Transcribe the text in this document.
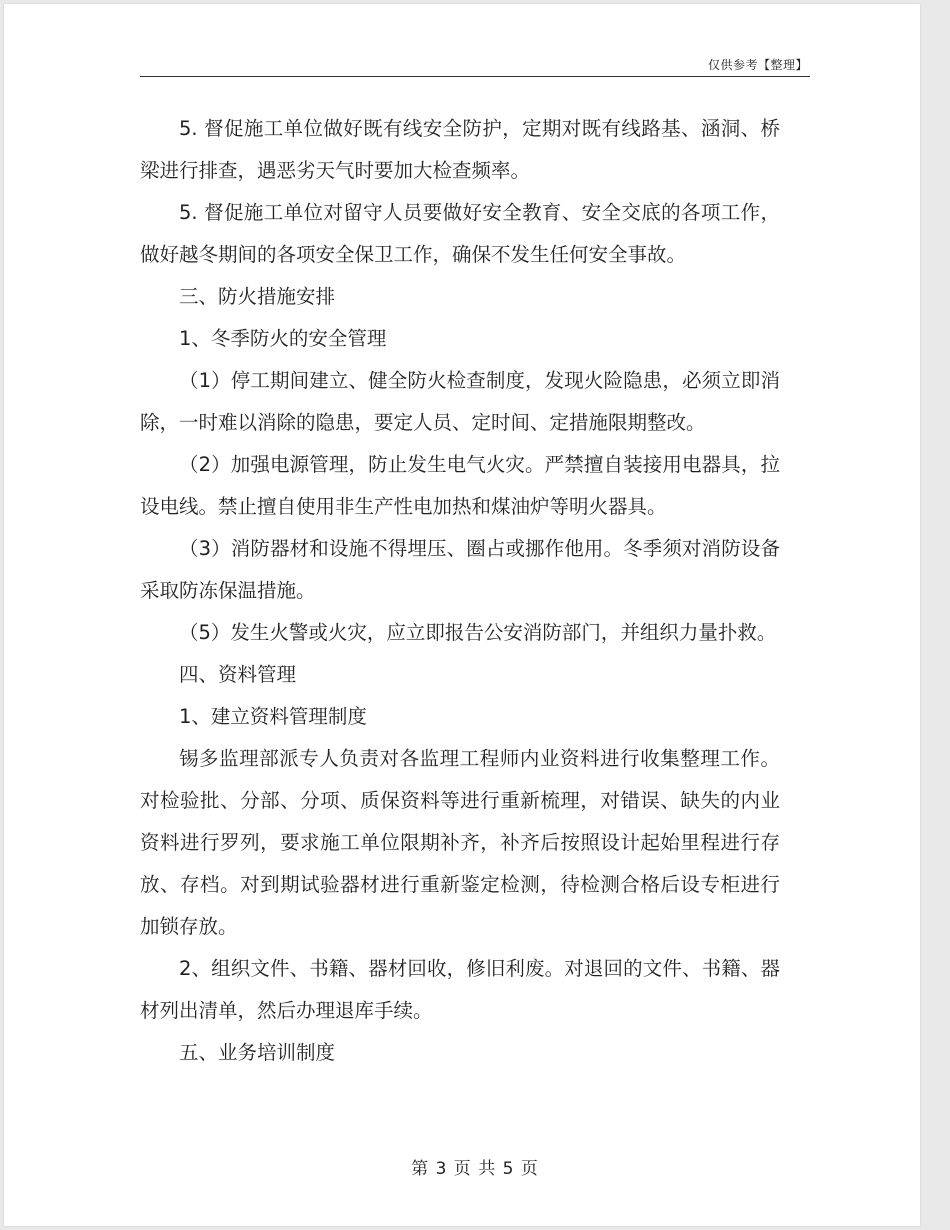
仅供参考【整理】

5. 督促施工单位做好既有线安全防护，定期对既有线路基、涵洞、桥梁进行排查，遇恶劣天气时要加大检查频率。

5. 督促施工单位对留守人员要做好安全教育、安全交底的各项工作，做好越冬期间的各项安全保卫工作，确保不发生任何安全事故。

三、防火措施安排

1、冬季防火的安全管理

（1）停工期间建立、健全防火检查制度，发现火险隐患，必须立即消除，一时难以消除的隐患，要定人员、定时间、定措施限期整改。

（2）加强电源管理，防止发生电气火灾。严禁擅自装接用电器具，拉设电线。禁止擅自使用非生产性电加热和煤油炉等明火器具。

（3）消防器材和设施不得埋压、圈占或挪作他用。冬季须对消防设备采取防冻保温措施。

（5）发生火警或火灾，应立即报告公安消防部门，并组织力量扑救。

四、资料管理

1、建立资料管理制度

锡多监理部派专人负责对各监理工程师内业资料进行收集整理工作。对检验批、分部、分项、质保资料等进行重新梳理，对错误、缺失的内业资料进行罗列，要求施工单位限期补齐，补齐后按照设计起始里程进行存放、存档。对到期试验器材进行重新鉴定检测，待检测合格后设专柜进行加锁存放。

2、组织文件、书籍、器材回收，修旧利废。对退回的文件、书籍、器材列出清单，然后办理退库手续。

五、业务培训制度

第 3 页 共 5 页
